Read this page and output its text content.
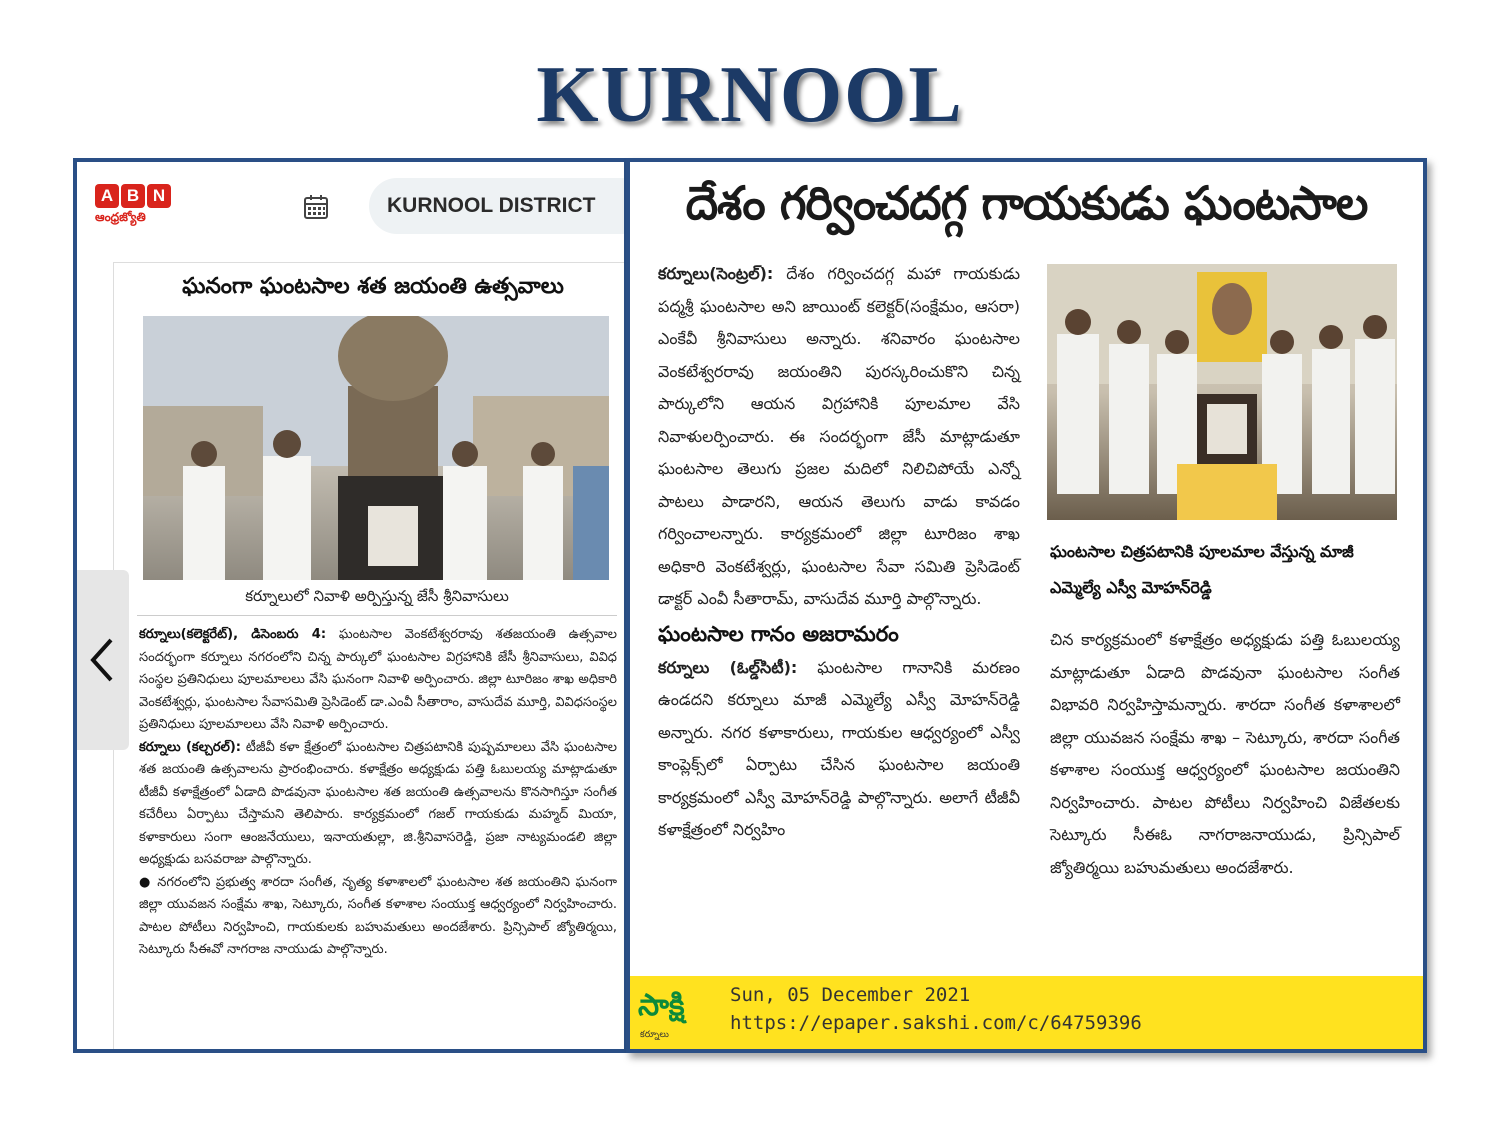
KURNOOL
A B N
ఆంధ్రజ్యోతి	KURNOOL DISTRICT
ఘనంగా ఘంటసాల శత జయంతి ఉత్సవాలు
కర్నూలులో నివాళి అర్పిస్తున్న జేసీ శ్రీనివాసులు

కర్నూలు(కలెక్టరేట్), డిసెంబరు 4: ఘంటసాల వెంకటేశ్వరరావు శతజయంతి ఉత్సవాల సందర్భంగా కర్నూలు నగరంలోని చిన్న పార్కులో ఘంటసాల విగ్రహానికి జేసీ శ్రీనివాసులు, వివిధ సంస్థల ప్రతినిధులు పూలమాలలు వేసి ఘనంగా నివాళి అర్పించారు. జిల్లా టూరిజం శాఖ అధికారి వెంకటేశ్వర్లు, ఘంటసాల సేవాసమితి ప్రెసిడెంట్ డా.ఎంవీ సీతారాం, వాసుదేవ మూర్తి, వివిధసంస్థల ప్రతినిధులు పూలమాలలు వేసి నివాళి అర్పించారు.

కర్నూలు (కల్చరల్): టీజీవీ కళా క్షేత్రంలో ఘంటసాల చిత్రపటానికి పుష్పమాలలు వేసి ఘంటసాల శత జయంతి ఉత్సవాలను ప్రారంభించారు. కళాక్షేత్రం అధ్యక్షుడు పత్తి ఓబులయ్య మాట్లాడుతూ టీజీవీ కళాక్షేత్రంలో ఏడాది పొడవునా ఘంటసాల శత జయంతి ఉత్సవాలను కొనసాగిస్తూ సంగీత కచేరీలు ఏర్పాటు చేస్తామని తెలిపారు. కార్యక్రమంలో గజల్ గాయకుడు మహ్మద్ మియా, కళాకారులు సంగా ఆంజనేయులు, ఇనాయతుల్లా, జి.శ్రీనివాసరెడ్డి, ప్రజా నాట్యమండలి జిల్లా అధ్యక్షుడు బసవరాజు పాల్గొన్నారు.

● నగరంలోని ప్రభుత్వ శారదా సంగీత, నృత్య కళాశాలలో ఘంటసాల శత జయంతిని ఘనంగా జిల్లా యువజన సంక్షేమ శాఖ, సెట్కూరు, సంగీత కళాశాల సంయుక్త ఆధ్వర్యంలో నిర్వహించారు. పాటల పోటీలు నిర్వహించి, గాయకులకు బహుమతులు అందజేశారు. ప్రిన్సిపాల్ జ్యోతిర్మయి, సెట్కూరు సీఈవో నాగరాజ నాయుడు పాల్గొన్నారు.

దేశం గర్వించదగ్గ గాయకుడు ఘంటసాల

కర్నూలు(సెంట్రల్): దేశం గర్వించదగ్గ మహా గాయకుడు పద్మశ్రీ ఘంటసాల అని జాయింట్ కలెక్టర్(సంక్షేమం, ఆసరా) ఎంకేవీ శ్రీనివాసులు అన్నారు. శనివారం ఘంటసాల వెంకటేశ్వరరావు జయంతిని పురస్కరించుకొని చిన్న పార్కులోని ఆయన విగ్రహానికి పూలమాల వేసి నివాళులర్పించారు. ఈ సందర్భంగా జేసీ మాట్లాడుతూ ఘంటసాల తెలుగు ప్రజల మదిలో నిలిచిపోయే ఎన్నో పాటలు పాడారని, ఆయన తెలుగు వాడు కావడం గర్వించాలన్నారు. కార్యక్రమంలో జిల్లా టూరిజం శాఖ అధికారి వెంకటేశ్వర్లు, ఘంటసాల సేవా సమితి ప్రెసిడెంట్ డాక్టర్ ఎంవీ సీతారామ్, వాసుదేవ మూర్తి పాల్గొన్నారు.

ఘంటసాల గానం అజరామరం

కర్నూలు (ఓల్డ్‌సిటీ): ఘంటసాల గానానికి మరణం ఉండదని కర్నూలు మాజీ ఎమ్మెల్యే ఎస్వీ మోహన్‌రెడ్డి అన్నారు. నగర కళాకారులు, గాయకుల ఆధ్వర్యంలో ఎస్వీ కాంప్లెక్స్‌లో ఏర్పాటు చేసిన ఘంటసాల జయంతి కార్యక్రమంలో ఎస్వీ మోహన్‌రెడ్డి పాల్గొన్నారు. అలాగే టీజీవీ కళాక్షేత్రంలో నిర్వహిం

ఘంటసాల చిత్రపటానికి పూలమాల వేస్తున్న మాజీ ఎమ్మెల్యే ఎస్వీ మోహన్‌రెడ్డి
చిన కార్యక్రమంలో కళాక్షేత్రం అధ్యక్షుడు పత్తి ఓబులయ్య మాట్లాడుతూ ఏడాది పొడవునా ఘంటసాల సంగీత విభావరి నిర్వహిస్తామన్నారు. శారదా సంగీత కళాశాలలో జిల్లా యువజన సంక్షేమ శాఖ – సెట్కూరు, శారదా సంగీత కళాశాల సంయుక్త ఆధ్వర్యంలో ఘంటసాల జయంతిని నిర్వహించారు. పాటల పోటీలు నిర్వహించి విజేతలకు సెట్కూరు సీఈఓ నాగరాజనాయుడు, ప్రిన్సిపాల్ జ్యోతిర్మయి బహుమతులు అందజేశారు.
సాక్షి
కర్నూలు
Sun, 05 December 2021
https://epaper.sakshi.com/c/64759396
